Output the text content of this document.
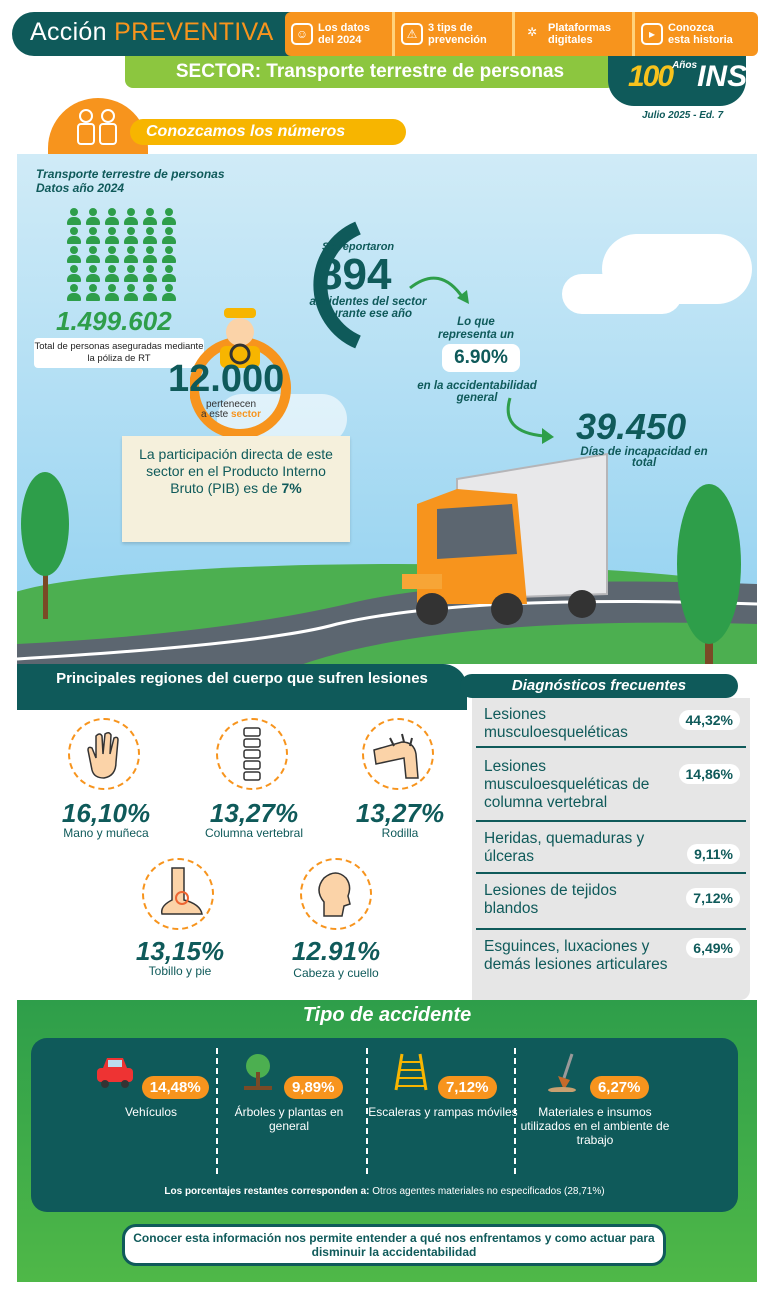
Acción PREVENTIVA	☺ Los datos del 2024	⚠ 3 tips de prevención
✲ Plataformas digitales	▸	Conozca esta historia
SECTOR: Transporte terrestre de personas	$100^{Años}INS$
Julio 2025 - Ed. 7
Conozcamos los números
Transporte terrestre de personas
Datos año 2024
1.499.602
Total de personas aseguradas mediante la póliza de RT 12.000
pertenecen
a este sector
La participación directa de este sector en el Producto Interno Bruto (PIB) es de 7%
Se reportaron
894
accidentes del sector durante ese año
Lo que representa un
6.90%
en la accidentabilidad general
39.450
Días de incapacidad en total
Principales regiones del cuerpo que sufren lesiones	Diagnósticos frecuentes
Lesiones musculoesqueléticas
44,32%
Lesiones musculoesqueléticas de columna vertebral
14,86%
Heridas, quemaduras y úlceras	9,11%
Lesiones de tejidos blandos
7,12%
Esguinces, luxaciones y demás lesiones articulares
6,49%
16,10%
Mano y muñeca
13,27%
Columna vertebral
13,27%
Rodilla
13,15%
Tobillo y pie
12.91%
Cabeza y cuello
Tipo de accidente
14,48%
Vehículos
9,89%
Árboles y plantas en general
7,12%
Escaleras y rampas móviles
6,27%
Materiales e insumos utilizados en el ambiente de trabajo
Los porcentajes restantes corresponden a: Otros agentes materiales no especificados (28,71%)
Conocer esta información nos permite entender a qué nos enfrentamos y como actuar para disminuir la accidentabilidad
